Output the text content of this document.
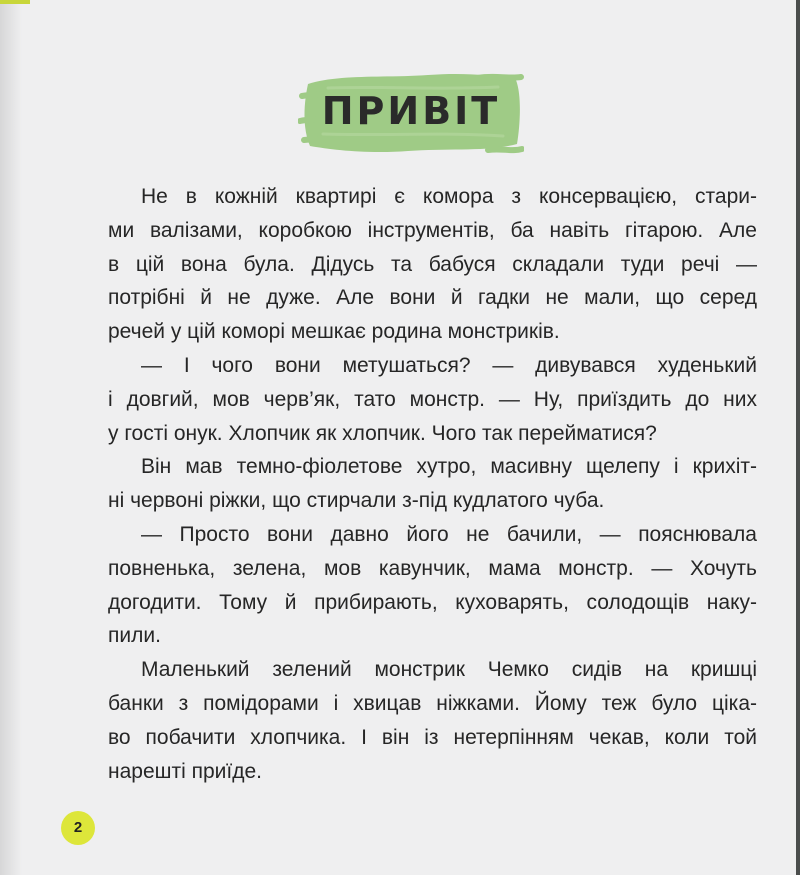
ПРИВІТ
Не в кожній квартирі є комора з консервацією, стари-
ми валізами, коробкою інструментів, ба навіть гітарою. Але
в цій вона була. Дідусь та бабуся складали туди речі —
потрібні й не дуже. Але вони й гадки не мали, що серед
речей у цій коморі мешкає родина монстриків.
— І чого вони метушаться? — дивувався худенький
і довгий, мов черв’як, тато монстр. — Ну, приїздить до них
у гості онук. Хлопчик як хлопчик. Чого так перейматися?
Він мав темно-фіолетове хутро, масивну щелепу і крихіт-
ні червоні ріжки, що стирчали з-під кудлатого чуба.
— Просто вони давно його не бачили, — пояснювала
повненька, зелена, мов кавунчик, мама монстр. — Хочуть
догодити. Тому й прибирають, куховарять, солодощів наку-
пили.
Маленький зелений монстрик Чемко сидів на кришці
банки з помідорами і хвицав ніжками. Йому теж було ціка-
во побачити хлопчика. І він із нетерпінням чекав, коли той
нарешті приїде.
2
